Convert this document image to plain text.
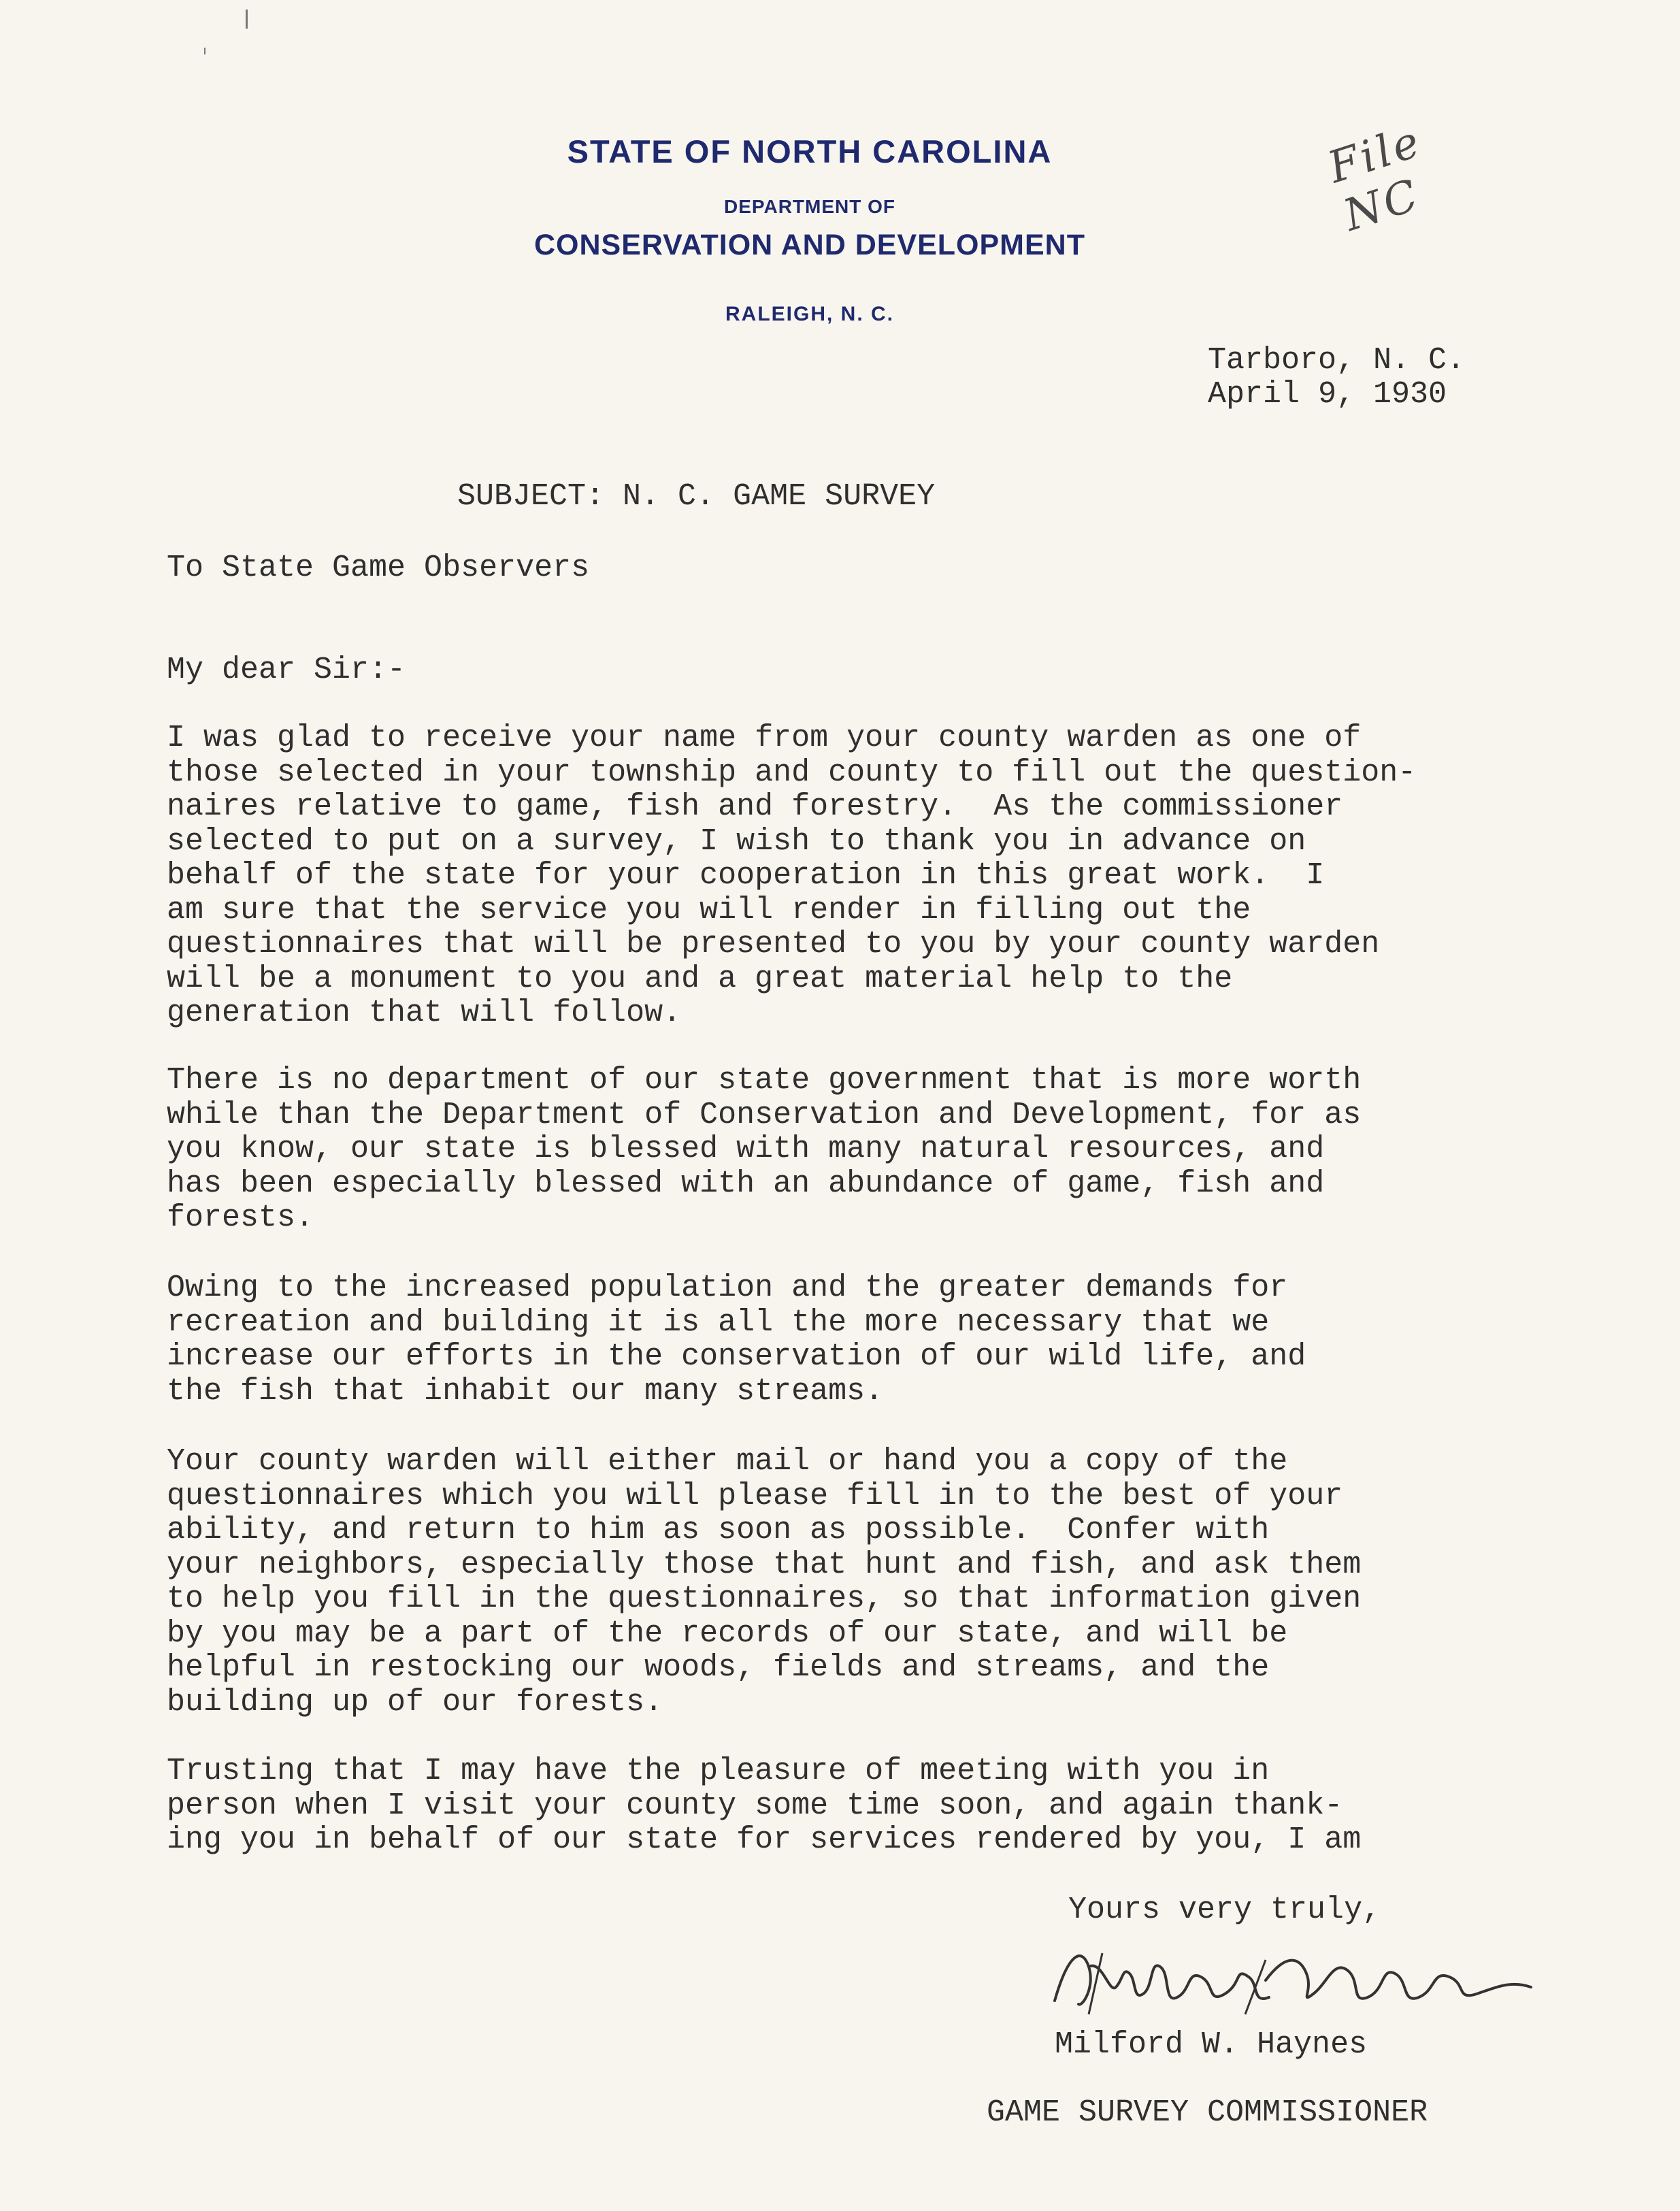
STATE OF NORTH CAROLINA

DEPARTMENT OF

CONSERVATION AND DEVELOPMENT

RALEIGH, N. C.

File NC
Tarboro, N. C.
April 9, 1930
SUBJECT: N. C. GAME SURVEY
To State Game Observers
My dear Sir:-

I was glad to receive your name from your county warden as one of
those selected in your township and county to fill out the question-
naires relative to game, fish and forestry.  As the commissioner
selected to put on a survey, I wish to thank you in advance on
behalf of the state for your cooperation in this great work.  I
am sure that the service you will render in filling out the
questionnaires that will be presented to you by your county warden
will be a monument to you and a great material help to the
generation that will follow.

There is no department of our state government that is more worth
while than the Department of Conservation and Development, for as
you know, our state is blessed with many natural resources, and
has been especially blessed with an abundance of game, fish and
forests.

Owing to the increased population and the greater demands for
recreation and building it is all the more necessary that we
increase our efforts in the conservation of our wild life, and
the fish that inhabit our many streams.

Your county warden will either mail or hand you a copy of the
questionnaires which you will please fill in to the best of your
ability, and return to him as soon as possible.  Confer with
your neighbors, especially those that hunt and fish, and ask them
to help you fill in the questionnaires, so that information given
by you may be a part of the records of our state, and will be
helpful in restocking our woods, fields and streams, and the
building up of our forests.

Trusting that I may have the pleasure of meeting with you in
person when I visit your county some time soon, and again thank-
ing you in behalf of our state for services rendered by you, I am

Yours very truly,
Milford W. Haynes
GAME SURVEY COMMISSIONER
